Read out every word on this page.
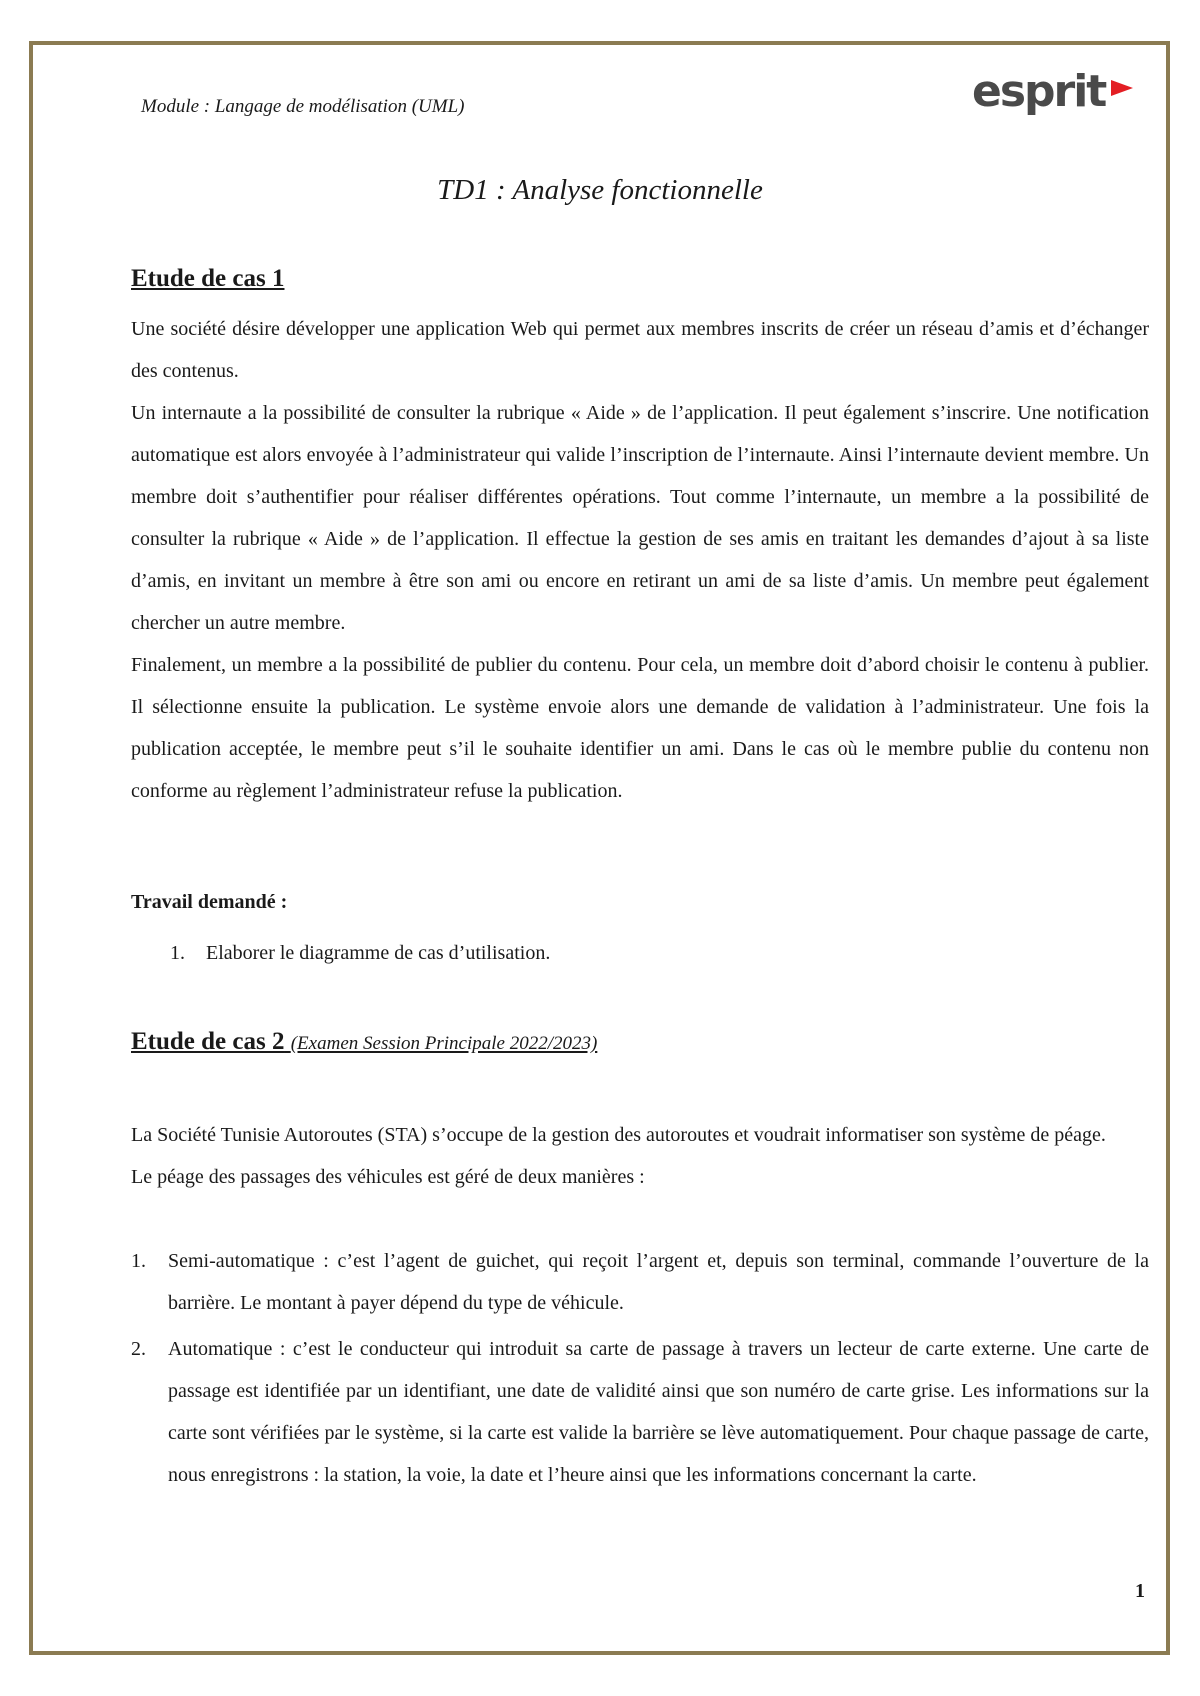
Module : Langage de modélisation (UML)	esprit
TD1 : Analyse fonctionnelle
Etude de cas 1

Une société désire développer une application Web qui permet aux membres inscrits de créer un réseau d’amis et d’échanger des contenus.

Un internaute a la possibilité de consulter la rubrique « Aide » de l’application. Il peut également s’inscrire. Une notification automatique est alors envoyée à l’administrateur qui valide l’inscription de l’internaute. Ainsi l’internaute devient membre. Un membre doit s’authentifier pour réaliser différentes opérations. Tout comme l’internaute, un membre a la possibilité de consulter la rubrique « Aide » de l’application. Il effectue la gestion de ses amis en traitant les demandes d’ajout à sa liste d’amis, en invitant un membre à être son ami ou encore en retirant un ami de sa liste d’amis. Un membre peut également chercher un autre membre.

Finalement, un membre a la possibilité de publier du contenu. Pour cela, un membre doit d’abord choisir le contenu à publier. Il sélectionne ensuite la publication. Le système envoie alors une demande de validation à l’administrateur. Une fois la publication acceptée, le membre peut s’il le souhaite identifier un ami. Dans le cas où le membre publie du contenu non conforme au règlement l’administrateur refuse la publication.

Travail demandé :
1. Elaborer le diagramme de cas d’utilisation.
Etude de cas 2 (Examen Session Principale 2022/2023)

La Société Tunisie Autoroutes (STA) s’occupe de la gestion des autoroutes et voudrait informatiser son système de péage.

Le péage des passages des véhicules est géré de deux manières :

1. Semi-automatique : c’est l’agent de guichet, qui reçoit l’argent et, depuis son terminal, commande l’ouverture de la barrière. Le montant à payer dépend du type de véhicule.
2. Automatique : c’est le conducteur qui introduit sa carte de passage à travers un lecteur de carte externe. Une carte de passage est identifiée par un identifiant, une date de validité ainsi que son numéro de carte grise. Les informations sur la carte sont vérifiées par le système, si la carte est valide la barrière se lève automatiquement. Pour chaque passage de carte, nous enregistrons : la station, la voie, la date et l’heure ainsi que les informations concernant la carte.
1
